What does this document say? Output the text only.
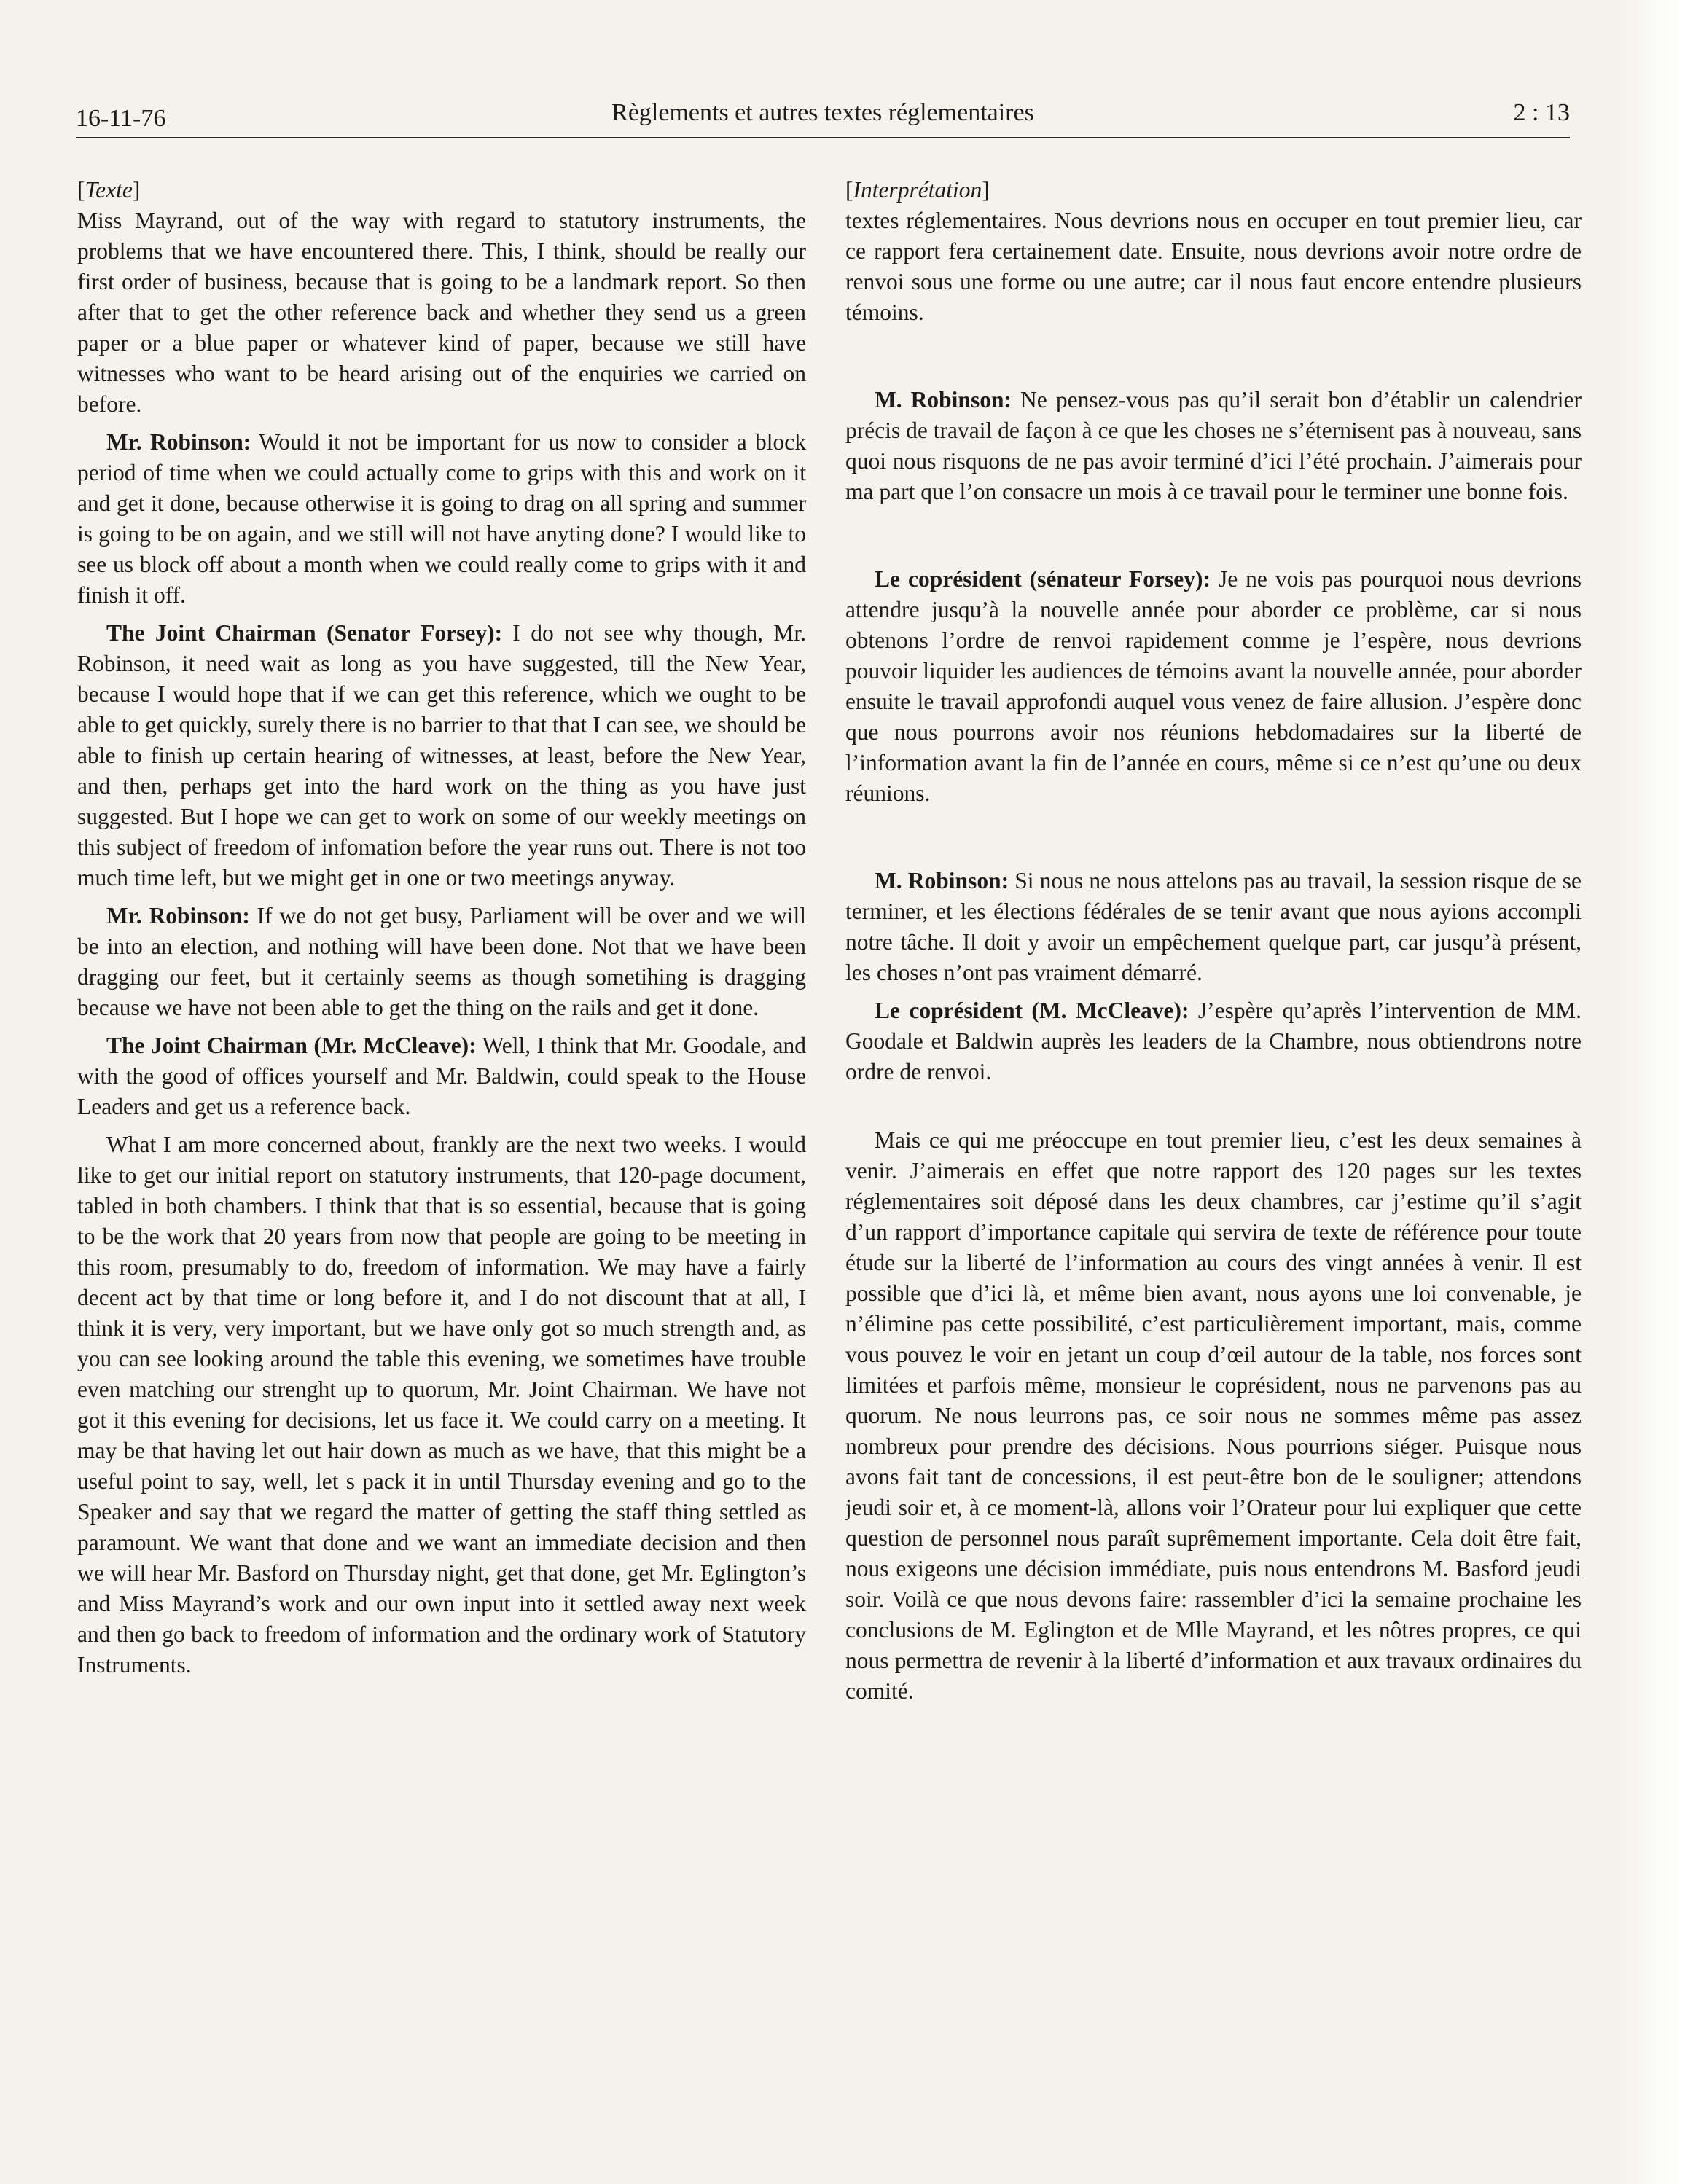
16-11-76	Règlements et autres textes réglementaires	2 : 13

[Texte]

Miss Mayrand, out of the way with regard to statutory instruments, the problems that we have encountered there. This, I think, should be really our first order of business, because that is going to be a landmark report. So then after that to get the other reference back and whether they send us a green paper or a blue paper or whatever kind of paper, because we still have witnesses who want to be heard arising out of the enquiries we carried on before.

Mr. Robinson: Would it not be important for us now to consider a block period of time when we could actually come to grips with this and work on it and get it done, because otherwise it is going to drag on all spring and summer is going to be on again, and we still will not have anyting done? I would like to see us block off about a month when we could really come to grips with it and finish it off.

The Joint Chairman (Senator Forsey): I do not see why though, Mr. Robinson, it need wait as long as you have suggested, till the New Year, because I would hope that if we can get this reference, which we ought to be able to get quickly, surely there is no barrier to that that I can see, we should be able to finish up certain hearing of witnesses, at least, before the New Year, and then, perhaps get into the hard work on the thing as you have just suggested. But I hope we can get to work on some of our weekly meetings on this subject of freedom of infomation before the year runs out. There is not too much time left, but we might get in one or two meetings anyway.

Mr. Robinson: If we do not get busy, Parliament will be over and we will be into an election, and nothing will have been done. Not that we have been dragging our feet, but it certainly seems as though sometihing is dragging because we have not been able to get the thing on the rails and get it done.

The Joint Chairman (Mr. McCleave): Well, I think that Mr. Goodale, and with the good of offices yourself and Mr. Baldwin, could speak to the House Leaders and get us a reference back.

What I am more concerned about, frankly are the next two weeks. I would like to get our initial report on statutory instruments, that 120-page document, tabled in both chambers. I think that that is so essential, because that is going to be the work that 20 years from now that people are going to be meeting in this room, presumably to do, freedom of information. We may have a fairly decent act by that time or long before it, and I do not discount that at all, I think it is very, very important, but we have only got so much strength and, as you can see looking around the table this evening, we sometimes have trouble even matching our strenght up to quorum, Mr. Joint Chairman. We have not got it this evening for decisions, let us face it. We could carry on a meeting. It may be that having let out hair down as much as we have, that this might be a useful point to say, well, let s pack it in until Thursday evening and go to the Speaker and say that we regard the matter of getting the staff thing settled as paramount. We want that done and we want an immediate decision and then we will hear Mr. Basford on Thursday night, get that done, get Mr. Eglington’s and Miss Mayrand’s work and our own input into it settled away next week and then go back to freedom of information and the ordinary work of Statutory Instruments.

[Interprétation]

textes réglementaires. Nous devrions nous en occuper en tout premier lieu, car ce rapport fera certainement date. Ensuite, nous devrions avoir notre ordre de renvoi sous une forme ou une autre; car il nous faut encore entendre plusieurs témoins.

M. Robinson: Ne pensez-vous pas qu’il serait bon d’établir un calendrier précis de travail de façon à ce que les choses ne s’éternisent pas à nouveau, sans quoi nous risquons de ne pas avoir terminé d’ici l’été prochain. J’aimerais pour ma part que l’on consacre un mois à ce travail pour le terminer une bonne fois.

Le coprésident (sénateur Forsey): Je ne vois pas pourquoi nous devrions attendre jusqu’à la nouvelle année pour aborder ce problème, car si nous obtenons l’ordre de renvoi rapidement comme je l’espère, nous devrions pouvoir liquider les audiences de témoins avant la nouvelle année, pour aborder ensuite le travail approfondi auquel vous venez de faire allusion. J’espère donc que nous pourrons avoir nos réunions hebdomadaires sur la liberté de l’information avant la fin de l’année en cours, même si ce n’est qu’une ou deux réunions.

M. Robinson: Si nous ne nous attelons pas au travail, la session risque de se terminer, et les élections fédérales de se tenir avant que nous ayions accompli notre tâche. Il doit y avoir un empêchement quelque part, car jusqu’à présent, les choses n’ont pas vraiment démarré.

Le coprésident (M. McCleave): J’espère qu’après l’intervention de MM. Goodale et Baldwin auprès les leaders de la Chambre, nous obtiendrons notre ordre de renvoi.

Mais ce qui me préoccupe en tout premier lieu, c’est les deux semaines à venir. J’aimerais en effet que notre rapport des 120 pages sur les textes réglementaires soit déposé dans les deux chambres, car j’estime qu’il s’agit d’un rapport d’importance capitale qui servira de texte de référence pour toute étude sur la liberté de l’information au cours des vingt années à venir. Il est possible que d’ici là, et même bien avant, nous ayons une loi convenable, je n’élimine pas cette possibilité, c’est particulièrement important, mais, comme vous pouvez le voir en jetant un coup d’œil autour de la table, nos forces sont limitées et parfois même, monsieur le coprésident, nous ne parvenons pas au quorum. Ne nous leurrons pas, ce soir nous ne sommes même pas assez nombreux pour prendre des décisions. Nous pourrions siéger. Puisque nous avons fait tant de concessions, il est peut-être bon de le souligner; attendons jeudi soir et, à ce moment-là, allons voir l’Orateur pour lui expliquer que cette question de personnel nous paraît suprêmement importante. Cela doit être fait, nous exigeons une décision immédiate, puis nous entendrons M. Basford jeudi soir. Voilà ce que nous devons faire: rassembler d’ici la semaine prochaine les conclusions de M. Eglington et de Mlle Mayrand, et les nôtres propres, ce qui nous permettra de revenir à la liberté d’information et aux travaux ordinaires du comité.
